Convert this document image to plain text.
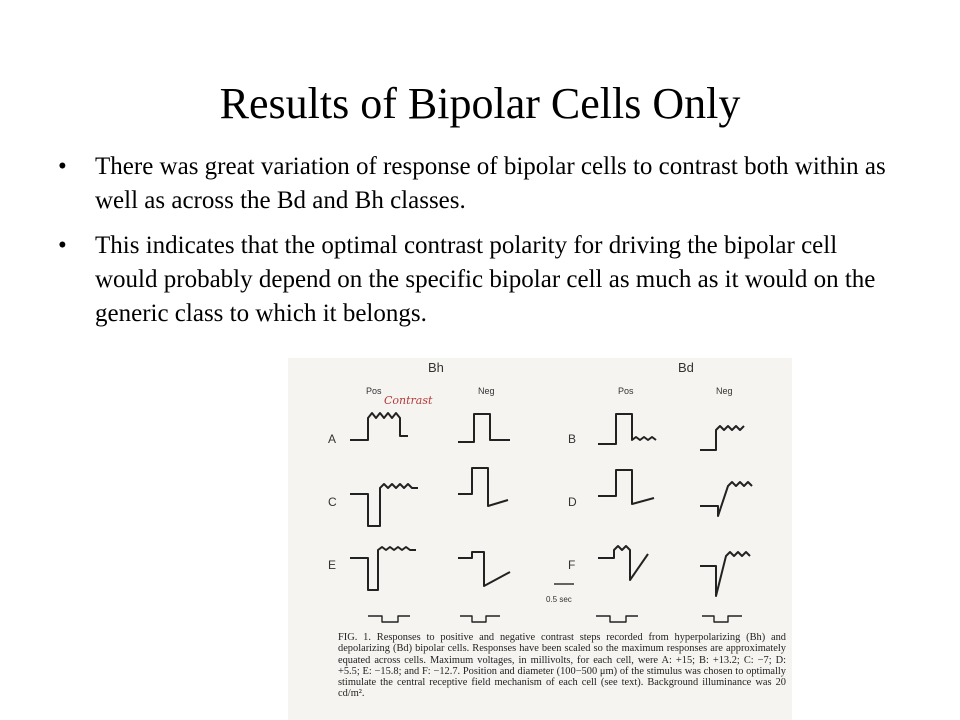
Results of Bipolar Cells Only
• There was great variation of response of bipolar cells to contrast both within as well as across the Bd and Bh classes.
• This indicates that the optimal contrast polarity for driving the bipolar cell would probably depend on the specific bipolar cell as much as it would on the generic class to which it belongs.
Bh	Bd
Pos	Neg	Pos	Neg
Contrast
A
C
E
B
D
F
0.5 sec
FIG. 1. Responses to positive and negative contrast steps recorded from hyperpolarizing (Bh) and depolarizing (Bd) bipolar cells. Responses have been scaled so the maximum responses are approximately equated across cells. Maximum voltages, in millivolts, for each cell, were A: +15; B: +13.2; C: −7; D: +5.5; E: −15.8; and F: −12.7. Position and diameter (100−500 μm) of the stimulus was chosen to optimally stimulate the central receptive field mechanism of each cell (see text). Background illuminance was 20 cd/m².
